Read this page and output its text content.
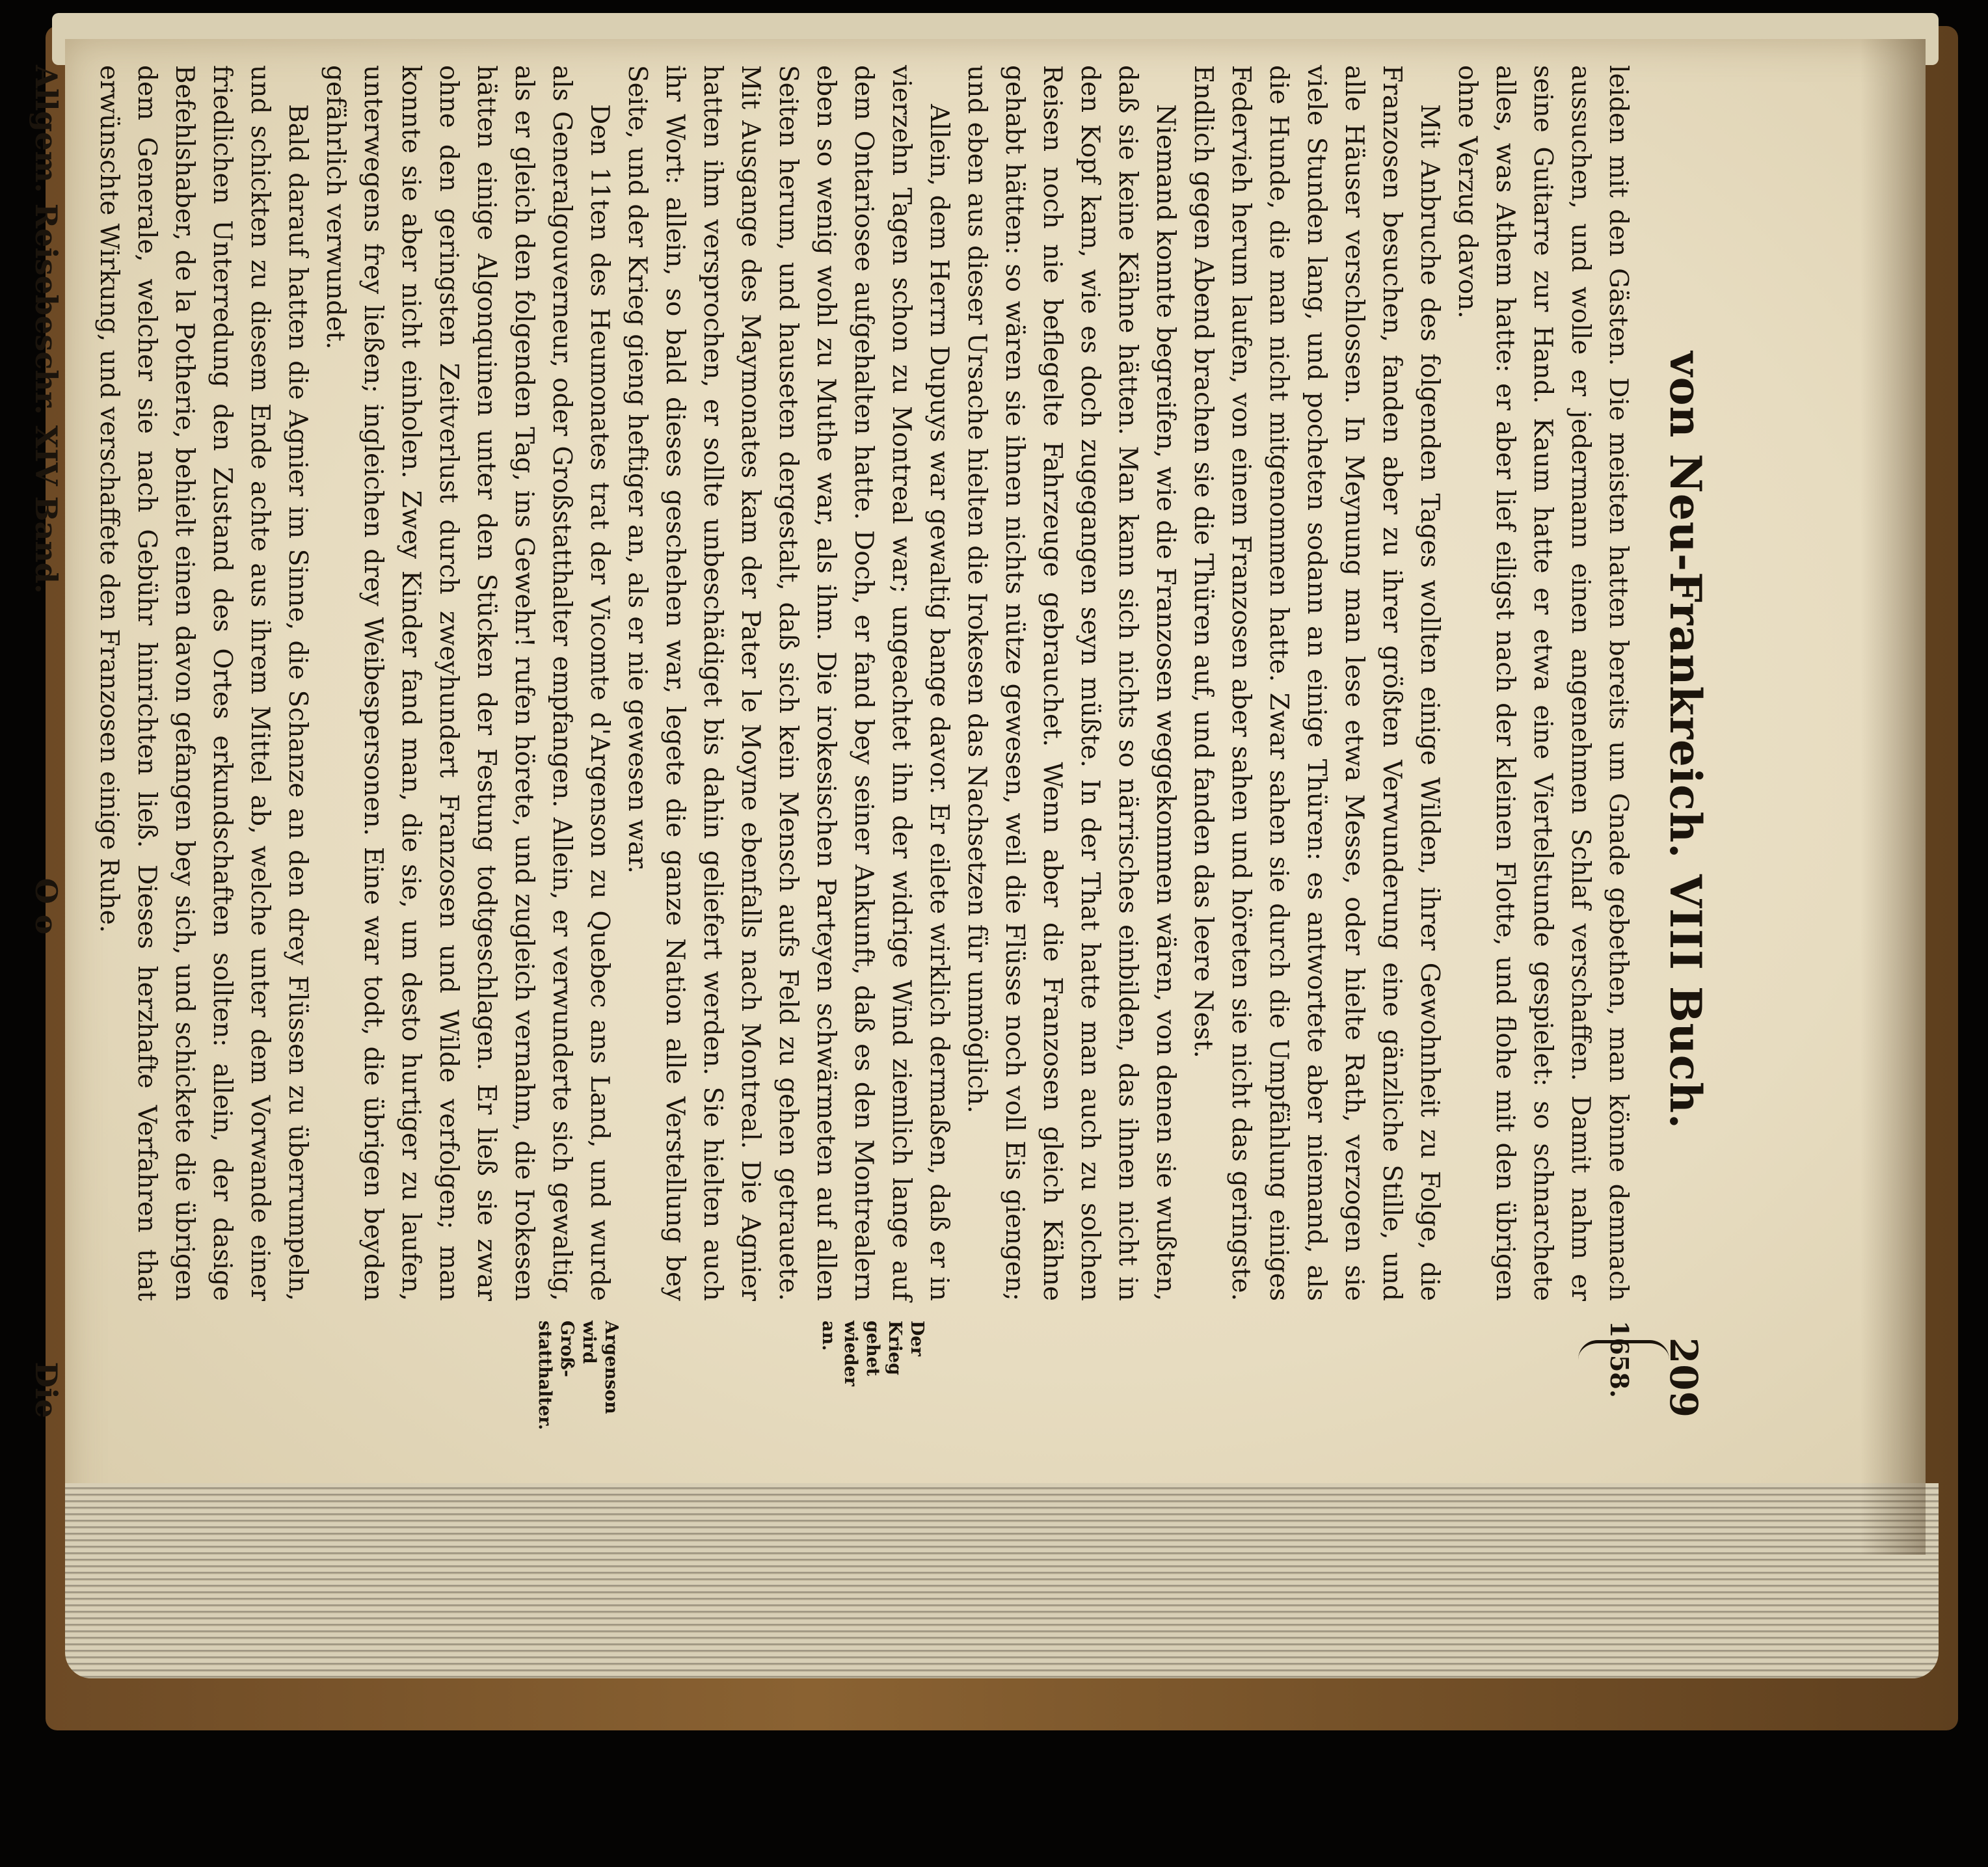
von Neu-Frankreich. VIII Buch.
209
1658.
Der Krieg gehet wieder an.
Argenson wird Groß-statthalter.

leiden mit den Gästen. Die meisten hatten bereits um Gnade gebethen, man könne demnach aussuchen, und wolle er jedermann einen angenehmen Schlaf verschaffen. Damit nahm er seine Guitarre zur Hand. Kaum hatte er etwa eine Viertelstunde gespielet: so schnarchete alles, was Athem hatte: er aber lief eiligst nach der kleinen Flotte, und flohe mit den übrigen ohne Verzug davon.

Mit Anbruche des folgenden Tages wollten einige Wilden, ihrer Gewohnheit zu Folge, die Franzosen besuchen, fanden aber zu ihrer größten Verwunderung eine gänzliche Stille, und alle Häuser verschlossen. In Meynung man lese etwa Messe, oder hielte Rath, verzogen sie viele Stunden lang, und pocheten sodann an einige Thüren: es antwortete aber niemand, als die Hunde, die man nicht mitgenommen hatte. Zwar sahen sie durch die Umpfählung einiges Federvieh herum laufen, von einem Franzosen aber sahen und höreten sie nicht das geringste. Endlich gegen Abend brachen sie die Thüren auf, und fanden das leere Nest.

Niemand konnte begreifen, wie die Franzosen weggekommen wären, von denen sie wußten, daß sie keine Kähne hätten. Man kann sich nichts so närrisches einbilden, das ihnen nicht in den Kopf kam, wie es doch zugegangen seyn müßte. In der That hatte man auch zu solchen Reisen noch nie beflegelte Fahrzeuge gebrauchet. Wenn aber die Franzosen gleich Kähne gehabt hätten: so wären sie ihnen nichts nütze gewesen, weil die Flüsse noch voll Eis giengen; und eben aus dieser Ursache hielten die Irokesen das Nachsetzen für unmöglich.

Allein, dem Herrn Dupuys war gewaltig bange davor. Er eilete wirklich dermaßen, daß er in vierzehn Tagen schon zu Montreal war; ungeachtet ihn der widrige Wind ziemlich lange auf dem Ontariosee aufgehalten hatte. Doch, er fand bey seiner Ankunft, daß es den Montrealern eben so wenig wohl zu Muthe war, als ihm. Die irokesischen Parteyen schwärmeten auf allen Seiten herum, und hauseten dergestalt, daß sich kein Mensch aufs Feld zu gehen getrauete. Mit Ausgange des Maymonates kam der Pater le Moyne ebenfalls nach Montreal. Die Agnier hatten ihm versprochen, er sollte unbeschädiget bis dahin geliefert werden. Sie hielten auch ihr Wort: allein, so bald dieses geschehen war, legete die ganze Nation alle Verstellung bey Seite, und der Krieg gieng heftiger an, als er nie gewesen war.

Den 11ten des Heumonates trat der Vicomte d'Argenson zu Quebec ans Land, und wurde als Generalgouverneur, oder Großstatthalter empfangen. Allein, er verwunderte sich gewaltig, als er gleich den folgenden Tag, ins Gewehr! rufen hörete, und zugleich vernahm, die Irokesen hätten einige Algonquinen unter den Stücken der Festung todtgeschlagen. Er ließ sie zwar ohne den geringsten Zeitverlust durch zweyhundert Franzosen und Wilde verfolgen; man konnte sie aber nicht einholen. Zwey Kinder fand man, die sie, um desto hurtiger zu laufen, unterwegens frey ließen; ingleichen drey Weibespersonen. Eine war todt, die übrigen beyden gefährlich verwundet.

Bald darauf hatten die Agnier im Sinne, die Schanze an den drey Flüssen zu überrumpeln, und schickten zu diesem Ende achte aus ihrem Mittel ab, welche unter dem Vorwande einer friedlichen Unterredung den Zustand des Ortes erkundschaften sollten: allein, der dasige Befehlshaber, de la Potherie, behielt einen davon gefangen bey sich, und schickete die übrigen dem Generale, welcher sie nach Gebühr hinrichten ließ. Dieses herzhafte Verfahren that erwünschte Wirkung, und verschaffete den Franzosen einige Ruhe.

Allgem. Reisebeschr. XIV Band.
O o
Die
